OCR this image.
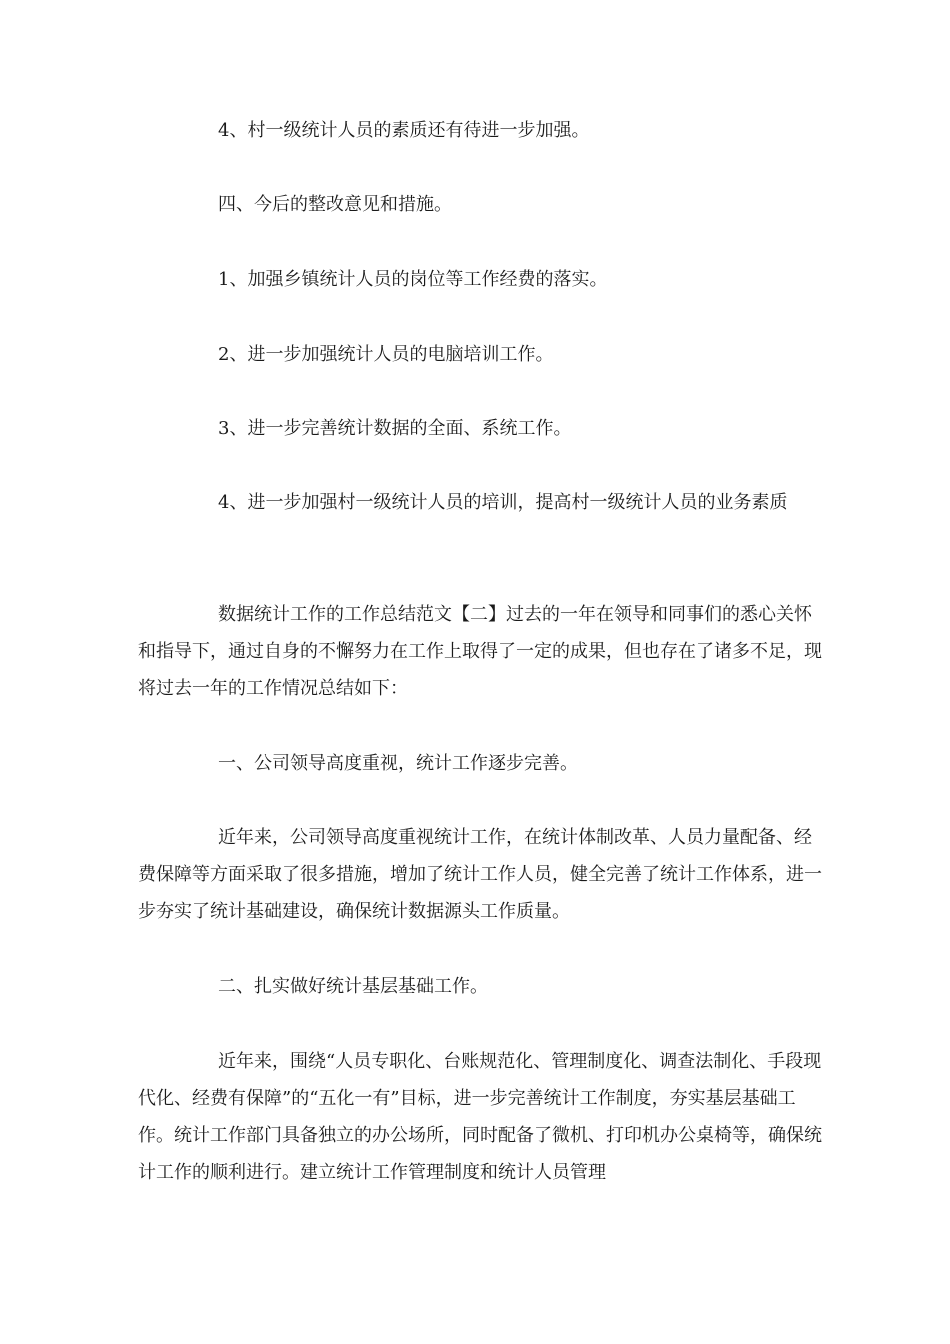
4、村一级统计人员的素质还有待进一步加强。

四、今后的整改意见和措施。

1、加强乡镇统计人员的岗位等工作经费的落实。

2、进一步加强统计人员的电脑培训工作。

3、进一步完善统计数据的全面、系统工作。

4、进一步加强村一级统计人员的培训，提高村一级统计人员的业务素质

数据统计工作的工作总结范文【二】过去的一年在领导和同事们的悉心关怀和指导下，通过自身的不懈努力在工作上取得了一定的成果，但也存在了诸多不足，现将过去一年的工作情况总结如下：

一、公司领导高度重视，统计工作逐步完善。

近年来，公司领导高度重视统计工作，在统计体制改革、人员力量配备、经费保障等方面采取了很多措施，增加了统计工作人员，健全完善了统计工作体系，进一步夯实了统计基础建设，确保统计数据源头工作质量。

二、扎实做好统计基层基础工作。

近年来，围绕“人员专职化、台账规范化、管理制度化、调查法制化、手段现代化、经费有保障”的“五化一有”目标，进一步完善统计工作制度，夯实基层基础工作。统计工作部门具备独立的办公场所，同时配备了微机、打印机办公桌椅等，确保统计工作的顺利进行。建立统计工作管理制度和统计人员管理
